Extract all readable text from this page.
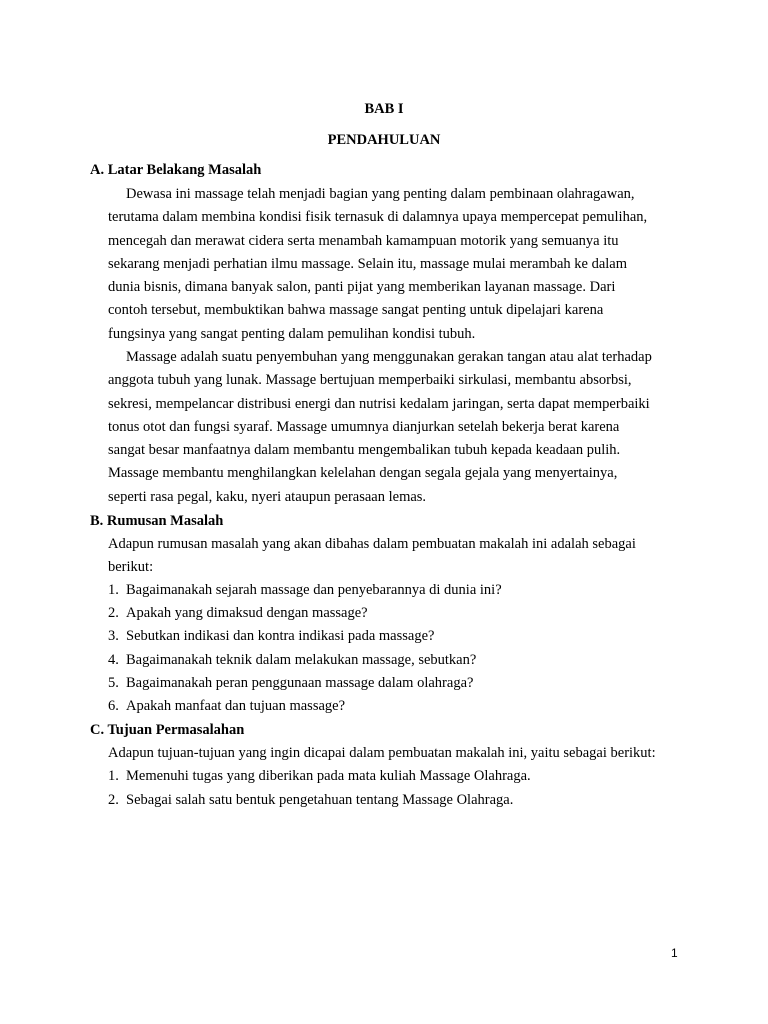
BAB I
PENDAHULUAN
A. Latar Belakang Masalah
Dewasa ini massage telah menjadi bagian yang penting dalam pembinaan olahragawan,
terutama dalam membina kondisi fisik ternasuk di dalamnya upaya mempercepat pemulihan,
mencegah dan merawat cidera serta menambah kamampuan motorik yang semuanya itu
sekarang menjadi perhatian ilmu massage. Selain itu, massage mulai merambah ke dalam
dunia bisnis, dimana banyak salon, panti pijat yang memberikan layanan massage. Dari
contoh tersebut, membuktikan bahwa massage sangat penting untuk dipelajari karena
fungsinya yang sangat penting dalam pemulihan kondisi tubuh.
Massage adalah suatu penyembuhan yang menggunakan gerakan tangan atau alat terhadap
anggota tubuh yang lunak. Massage bertujuan memperbaiki sirkulasi, membantu absorbsi,
sekresi, mempelancar distribusi energi dan nutrisi kedalam jaringan, serta dapat memperbaiki
tonus otot dan fungsi syaraf. Massage umumnya dianjurkan setelah bekerja berat karena
sangat besar manfaatnya dalam membantu mengembalikan tubuh kepada keadaan pulih.
Massage membantu menghilangkan kelelahan dengan segala gejala yang menyertainya,
seperti rasa pegal, kaku, nyeri ataupun perasaan lemas.
B. Rumusan Masalah
Adapun rumusan masalah yang akan dibahas dalam pembuatan makalah ini adalah sebagai
berikut:
1. Bagaimanakah sejarah massage dan penyebarannya di dunia ini?
2. Apakah yang dimaksud dengan massage?
3. Sebutkan indikasi dan kontra indikasi pada massage?
4. Bagaimanakah teknik dalam melakukan massage, sebutkan?
5. Bagaimanakah peran penggunaan massage dalam olahraga?
6. Apakah manfaat dan tujuan massage?
C. Tujuan Permasalahan
Adapun tujuan-tujuan yang ingin dicapai dalam pembuatan makalah ini, yaitu sebagai berikut:
1. Memenuhi tugas yang diberikan pada mata kuliah Massage Olahraga.
2. Sebagai salah satu bentuk pengetahuan tentang Massage Olahraga.
1
